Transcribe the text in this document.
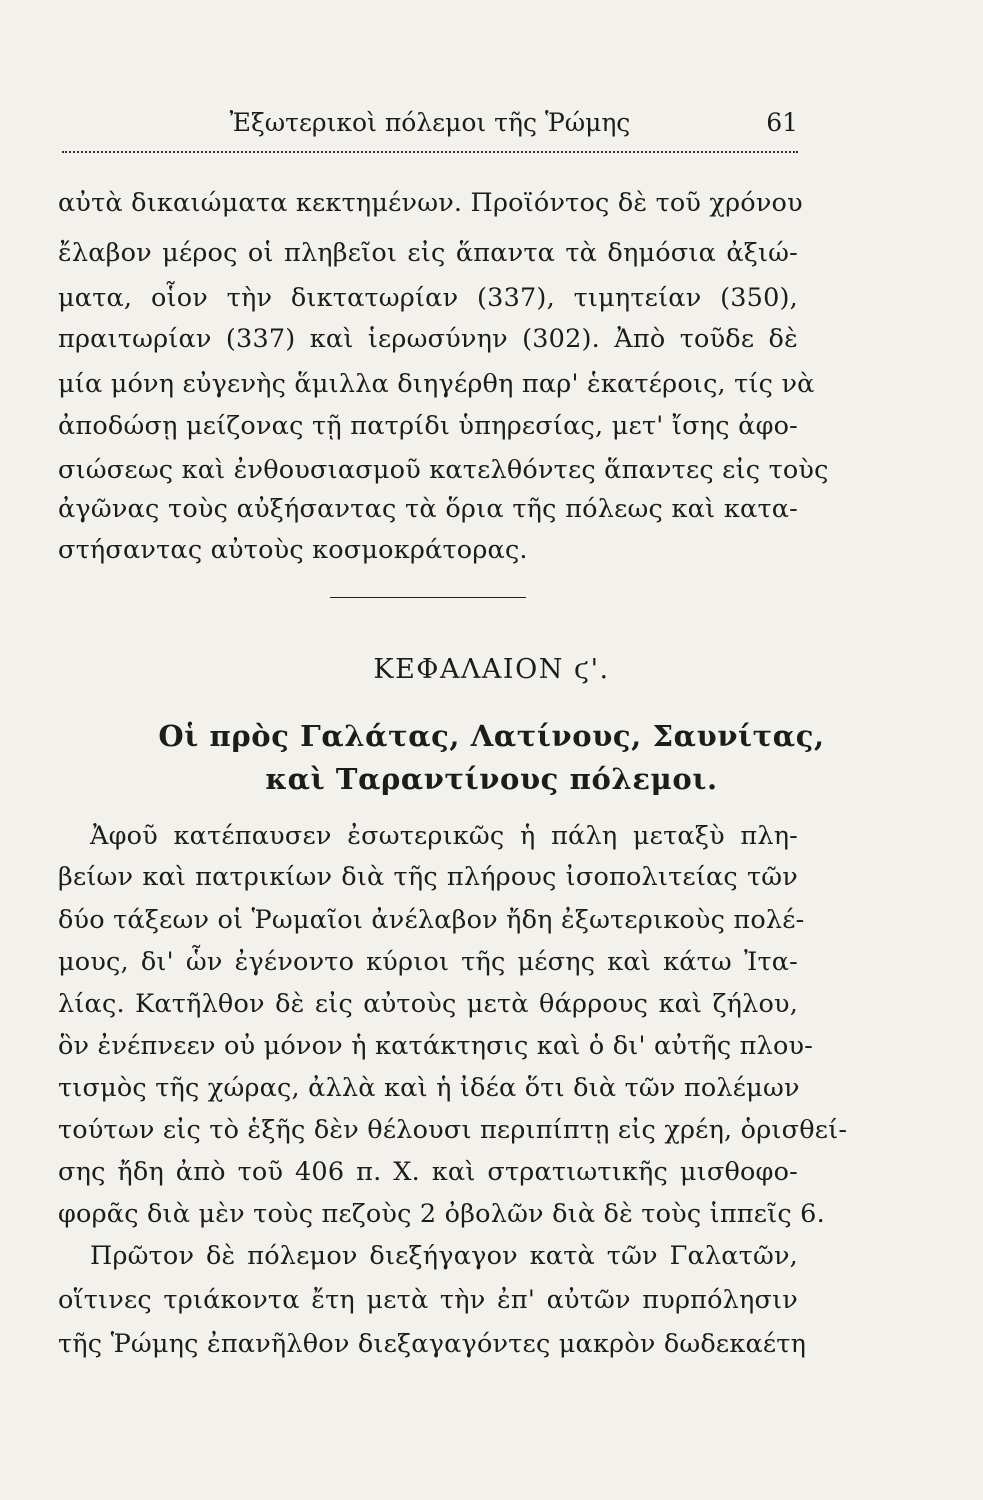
Ἐξωτερικοὶ πόλεμοι τῆς Ῥώμης	61
αὐτὰ δικαιώματα κεκτημένων. Προϊόντος δὲ τοῦ χρόνου
ἔλαβον μέρος οἱ πληβεῖοι εἰς ἅπαντα τὰ δημόσια ἀξιώ-
ματα, οἷον τὴν δικτατωρίαν (337), τιμητείαν (350),
πραιτωρίαν (337) καὶ ἱερωσύνην (302). Ἀπὸ τοῦδε δὲ
μία μόνη εὐγενὴς ἅμιλλα διηγέρθη παρ' ἑκατέροις, τίς νὰ
ἀποδώσῃ μείζονας τῇ πατρίδι ὑπηρεσίας, μετ' ἴσης ἀφο-
σιώσεως καὶ ἐνθουσιασμοῦ κατελθόντες ἅπαντες εἰς τοὺς
ἀγῶνας τοὺς αὐξήσαντας τὰ ὅρια τῆς πόλεως καὶ κατα-
στήσαντας αὐτοὺς κοσμοκράτορας.
ΚΕΦΑΛΑΙΟΝ ϛ'.
Οἱ πρὸς Γαλάτας, Λατίνους, Σαυνίτας,
καὶ Ταραντίνους πόλεμοι.
Ἀφοῦ κατέπαυσεν ἐσωτερικῶς ἡ πάλη μεταξὺ πλη-
βείων καὶ πατρικίων διὰ τῆς πλήρους ἰσοπολιτείας τῶν
δύο τάξεων οἱ Ῥωμαῖοι ἀνέλαβον ἤδη ἐξωτερικοὺς πολέ-
μους, δι' ὧν ἐγένοντο κύριοι τῆς μέσης καὶ κάτω Ἰτα-
λίας. Κατῆλθον δὲ εἰς αὐτοὺς μετὰ θάρρους καὶ ζήλου,
ὃν ἐνέπνεεν οὐ μόνον ἡ κατάκτησις καὶ ὁ δι' αὐτῆς πλου-
τισμὸς τῆς χώρας, ἀλλὰ καὶ ἡ ἰδέα ὅτι διὰ τῶν πολέμων
τούτων εἰς τὸ ἑξῆς δὲν θέλουσι περιπίπτῃ εἰς χρέη, ὁρισθεί-
σης ἤδη ἀπὸ τοῦ 406 π. Χ. καὶ στρατιωτικῆς μισθοφο-
φορᾶς διὰ μὲν τοὺς πεζοὺς 2 ὀβολῶν διὰ δὲ τοὺς ἱππεῖς 6.
Πρῶτον δὲ πόλεμον διεξήγαγον κατὰ τῶν Γαλατῶν,
οἵτινες τριάκοντα ἔτη μετὰ τὴν ἐπ' αὐτῶν πυρπόλησιν
τῆς Ῥώμης ἐπανῆλθον διεξαγαγόντες μακρὸν δωδεκαέτη
